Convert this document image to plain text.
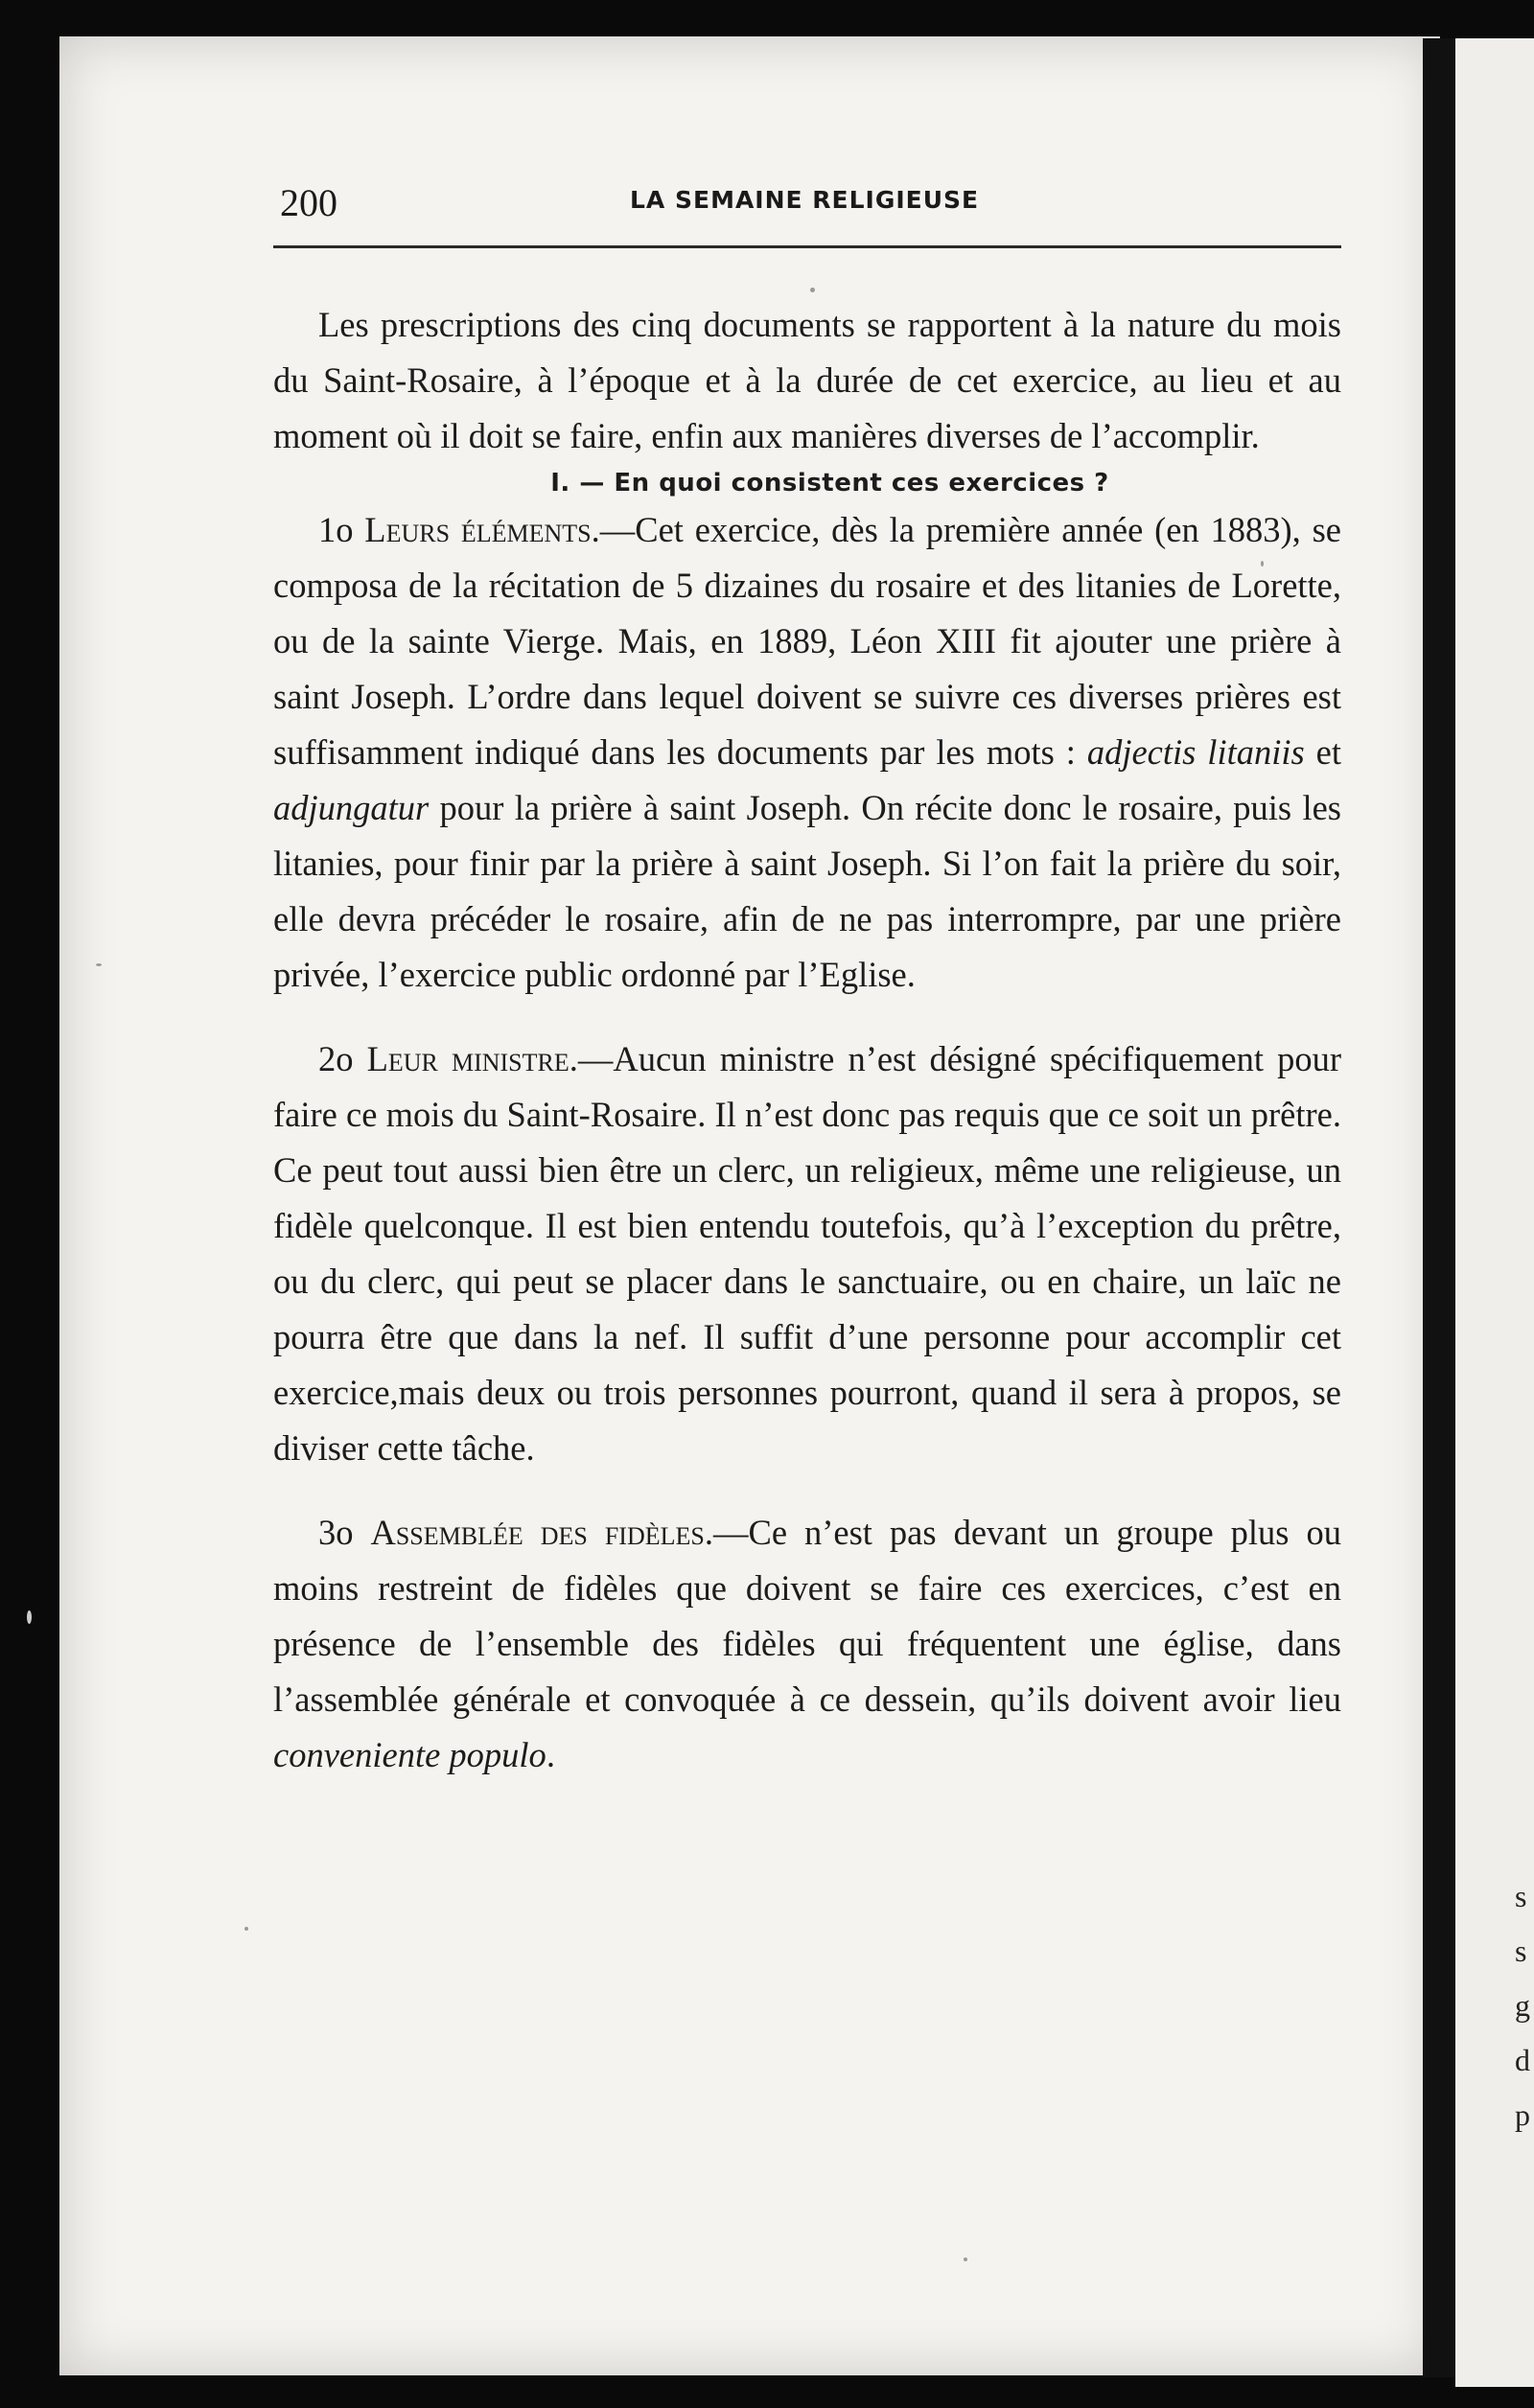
s
s
g
d
p
200	LA SEMAINE RELIGIEUSE

Les prescriptions des cinq documents se rapportent à la nature du mois du Saint-Rosaire, à l’époque et à la durée de cet exercice, au lieu et au moment où il doit se faire, enfin aux manières diverses de l’accomplir.

I. — En quoi consistent ces exercices ?

1o Leurs éléments.—Cet exercice, dès la première année (en 1883), se composa de la récitation de 5 dizaines du rosaire et des litanies de Lorette, ou de la sainte Vierge. Mais, en 1889, Léon XIII fit ajouter une prière à saint Joseph. L’ordre dans lequel doivent se suivre ces diverses prières est suffisamment indiqué dans les documents par les mots : adjectis litaniis et adjungatur pour la prière à saint Joseph. On récite donc le rosaire, puis les litanies, pour finir par la prière à saint Joseph. Si l’on fait la prière du soir, elle devra précéder le rosaire, afin de ne pas interrompre, par une prière privée, l’exercice public ordonné par l’Eglise.

2o Leur ministre.—Aucun ministre n’est désigné spécifiquement pour faire ce mois du Saint-Rosaire. Il n’est donc pas requis que ce soit un prêtre. Ce peut tout aussi bien être un clerc, un religieux, même une religieuse, un fidèle quelconque. Il est bien entendu toutefois, qu’à l’exception du prêtre, ou du clerc, qui peut se placer dans le sanctuaire, ou en chaire, un laïc ne pourra être que dans la nef. Il suffit d’une personne pour accomplir cet exercice,mais deux ou trois personnes pourront, quand il sera à propos, se diviser cette tâche.

3o Assemblée des fidèles.—Ce n’est pas devant un groupe plus ou moins restreint de fidèles que doivent se faire ces exercices, c’est en présence de l’ensemble des fidèles qui fréquentent une église, dans l’assemblée générale et convoquée à ce dessein, qu’ils doivent avoir lieu conveniente populo.
